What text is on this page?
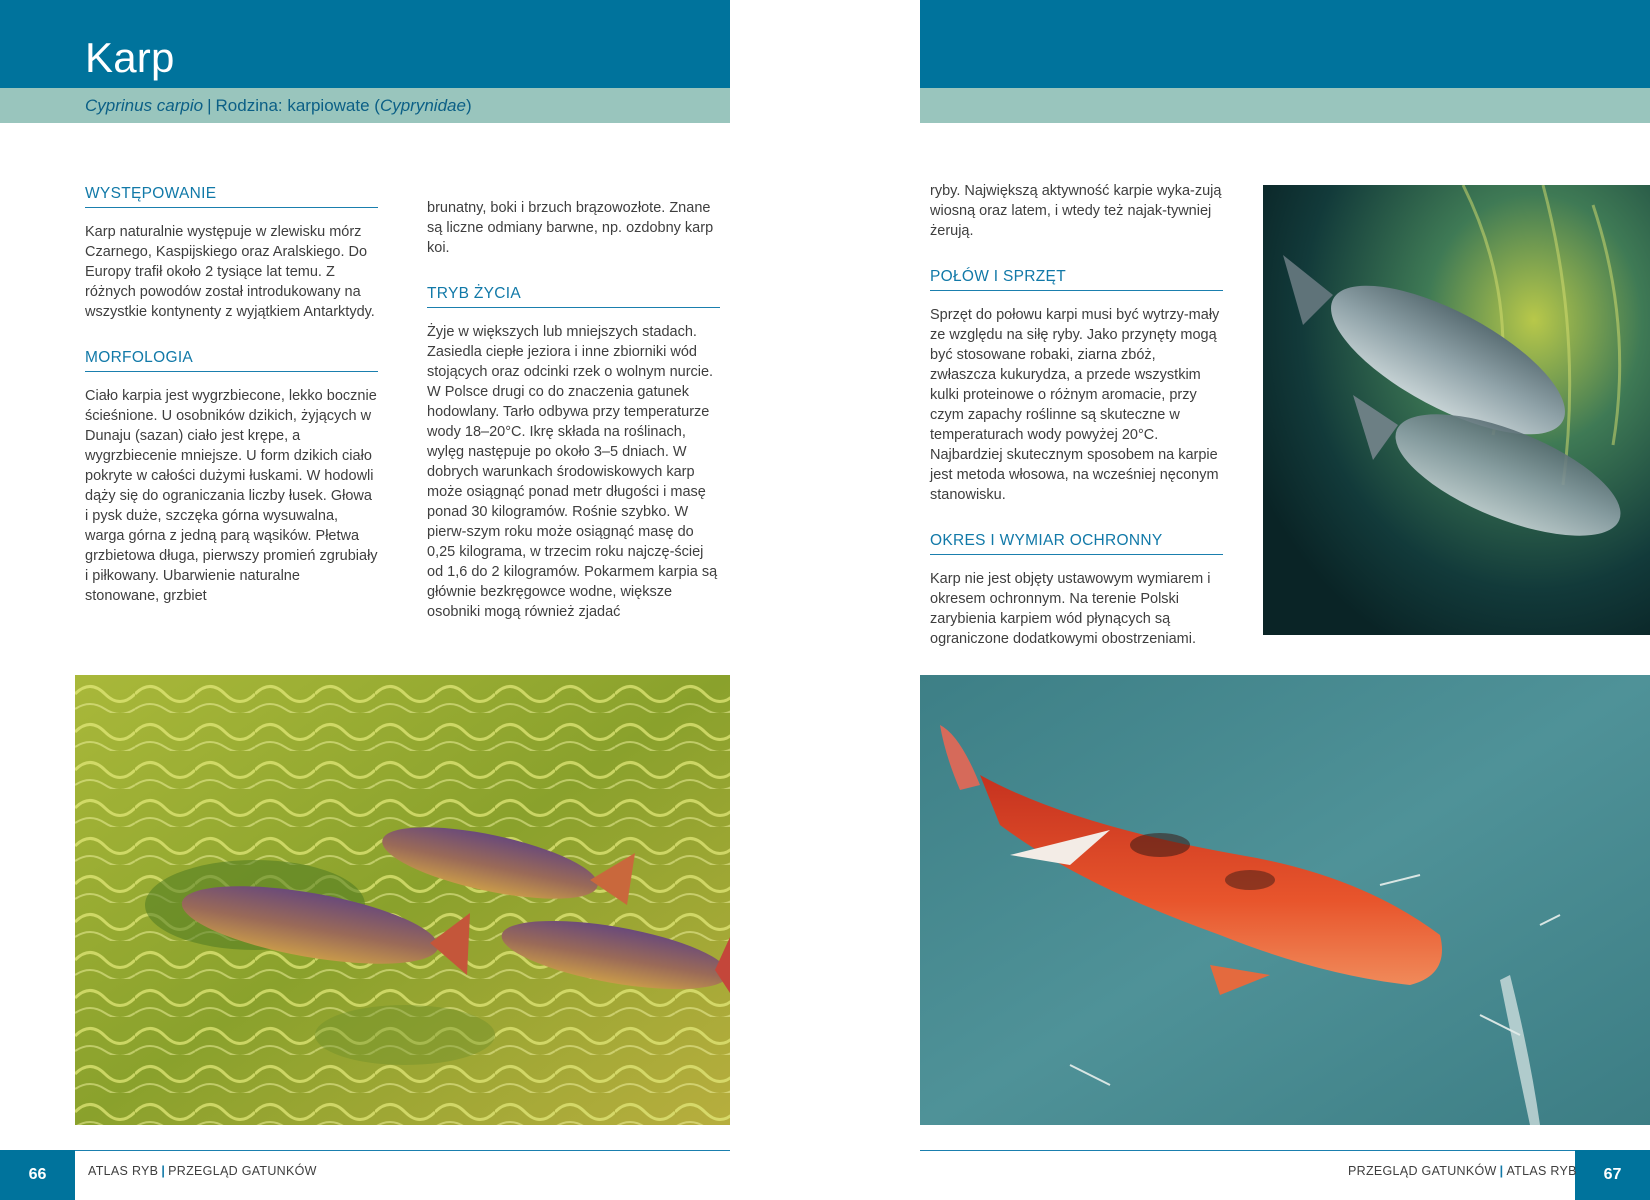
Karp
Cyprinus carpio | Rodzina: karpiowate (Cyprynidae)
WYSTĘPOWANIE

Karp naturalnie występuje w zlewisku mórz Czarnego, Kaspijskiego oraz Aralskiego. Do Europy trafił około 2 tysiące lat temu. Z różnych powodów został introdukowany na wszystkie kontynenty z wyjątkiem Antarktydy.

MORFOLOGIA

Ciało karpia jest wygrzbiecone, lekko bocznie ścieśnione. U osobników dzikich, żyjących w Dunaju (sazan) ciało jest krępe, a wygrzbiecenie mniejsze. U form dzikich ciało pokryte w całości dużymi łuskami. W hodowli dąży się do ograniczania liczby łusek. Głowa i pysk duże, szczęka górna wysuwalna, warga górna z jedną parą wąsików. Płetwa grzbietowa długa, pierwszy promień zgrubiały i piłkowany. Ubarwienie naturalne stonowane, grzbiet

brunatny, boki i brzuch brązowozłote. Znane są liczne odmiany barwne, np. ozdobny karp koi.

TRYB ŻYCIA

Żyje w większych lub mniejszych stadach. Zasiedla ciepłe jeziora i inne zbiorniki wód stojących oraz odcinki rzek o wolnym nurcie. W Polsce drugi co do znaczenia gatunek hodowlany. Tarło odbywa przy temperaturze wody 18–20°C. Ikrę składa na roślinach, wylęg następuje po około 3–5 dniach. W dobrych warunkach środowiskowych karp może osiągnąć ponad metr długości i masę ponad 30 kilogramów. Rośnie szybko. W pierw-szym roku może osiągnąć masę do 0,25 kilograma, w trzecim roku najczę-ściej od 1,6 do 2 kilogramów. Pokarmem karpia są głównie bezkręgowce wodne, większe osobniki mogą również zjadać

66	ATLAS RYB | PRZEGLĄD GATUNKÓW

ryby. Największą aktywność karpie wyka-zują wiosną oraz latem, i wtedy też najak-tywniej żerują.

POŁÓW I SPRZĘT

Sprzęt do połowu karpi musi być wytrzy-mały ze względu na siłę ryby. Jako przynęty mogą być stosowane robaki, ziarna zbóż, zwłaszcza kukurydza, a przede wszystkim kulki proteinowe o różnym aromacie, przy czym zapachy roślinne są skuteczne w temperaturach wody powyżej 20°C. Najbardziej skutecznym sposobem na karpie jest metoda włosowa, na wcześniej nęconym stanowisku.

OKRES I WYMIAR OCHRONNY

Karp nie jest objęty ustawowym wymiarem i okresem ochronnym. Na terenie Polski zarybienia karpiem wód płynących są ograniczone dodatkowymi obostrzeniami.

67
PRZEGLĄD GATUNKÓW | ATLAS RYB
